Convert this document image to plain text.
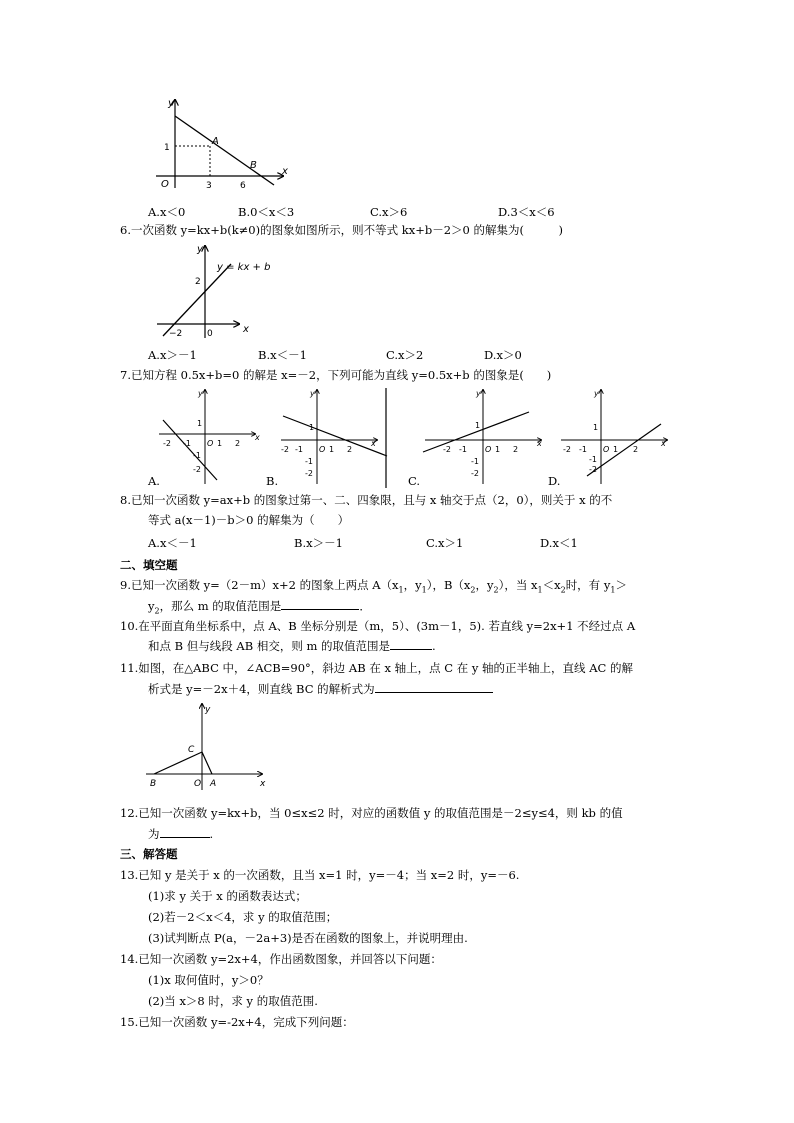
y
x
O
1
3	6
A
B
A.x＜0	B.0＜x＜3	C.x＞6	D.3＜x＜6
6.一次函数 y=kx+b(k≠0)的图象如图所示，则不等式 kx+b－2＞0 的解集为(　　　)
y
x
y = kx + b
2
−2	0
A.x＞－1	B.x＜－1	C.x＞2	D.x＞0
7.已知方程 0.5x+b=0 的解是 x=－2，下列可能为直线 y=0.5x+b 的图象是(　　)
-2 -1 O 1 2
1
-1
-2
x
y
-2 -1 O 1 2
1
-1
-2
x
y
-2 -1 O 1 2
1
-1
-2
x
y
-2 -1 O 1 2
1
-1
-2
x
y
A.	B.	C.	D.
8.已知一次函数 y=ax+b 的图象过第一、二、四象限，且与 x 轴交于点（2，0），则关于 x 的不
等式 a(x－1)－b＞0 的解集为（　　）
A.x＜－1	B.x＞－1	C.x＞1	D.x＜1
二、填空题
9.已知一次函数 y=（2－m）x+2 的图象上两点 $A(x_1$，$y_1$），$B(x_2$，$y_2$），当 $x_1<x_2$时，有 $y_1>$
$y_2$，那么 m 的取值范围是	．
10.在平面直角坐标系中，点 A、B 坐标分别是（m，5）、(3m－1，5). 若直线 y=2x+1 不经过点 A
和点 B 但与线段 AB 相交，则 m 的取值范围是	.
11.如图，在△ABC 中，∠ACB=90°，斜边 AB 在 x 轴上，点 C 在 y 轴的正半轴上，直线 AC 的解
析式是 y=－2x＋4，则直线 BC 的解析式为
y
x
O A
B
C
12.已知一次函数 y=kx+b，当 0≤x≤2 时，对应的函数值 y 的取值范围是－2≤y≤4，则 kb 的值
为	.
三、解答题
13.已知 y 是关于 x 的一次函数，且当 x=1 时，y=－4；当 x=2 时，y=－6.
(1)求 y 关于 x 的函数表达式；
(2)若－2＜x＜4，求 y 的取值范围；
(3)试判断点 P(a，－2a+3)是否在函数的图象上，并说明理由.
14.已知一次函数 y=2x+4，作出函数图象，并回答以下问题：
(1)x 取何值时，y＞0？
(2)当 x＞8 时，求 y 的取值范围.
15.已知一次函数 y=-2x+4，完成下列问题：
